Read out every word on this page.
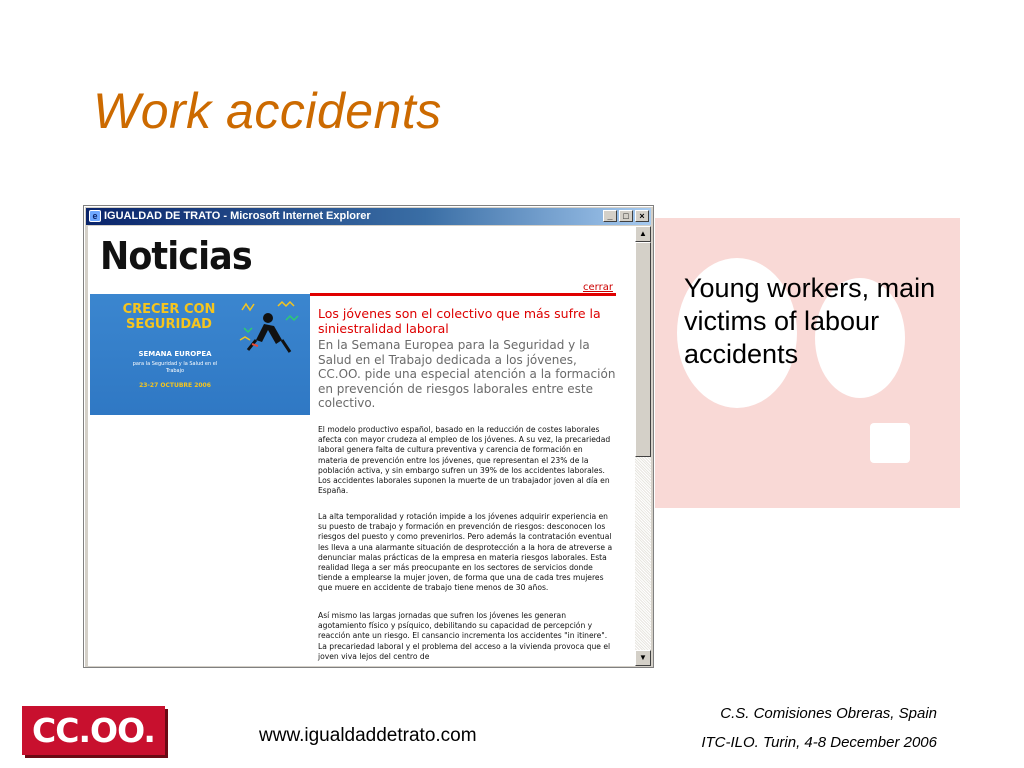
Work accidents
Young workers, main victims of labour accidents
e IGUALDAD DE TRATO - Microsoft Internet Explorer	_	□	×
Noticias
cerrar
CRECER CON SEGURIDAD
SEMANA EUROPEA
para la Seguridad y la Salud en el Trabajo
23-27 OCTUBRE 2006
Los jóvenes son el colectivo que más sufre la siniestralidad laboral
En la Semana Europea para la Seguridad y la Salud en el Trabajo dedicada a los jóvenes, CC.OO. pide una especial atención a la formación en prevención de riesgos laborales entre este colectivo.
El modelo productivo español, basado en la reducción de costes laborales afecta con mayor crudeza al empleo de los jóvenes. A su vez, la precariedad laboral genera falta de cultura preventiva y carencia de formación en materia de prevención entre los jóvenes, que representan el 23% de la población activa, y sin embargo sufren un 39% de los accidentes laborales. Los accidentes laborales suponen la muerte de un trabajador joven al día en España.
La alta temporalidad y rotación impide a los jóvenes adquirir experiencia en su puesto de trabajo y formación en prevención de riesgos: desconocen los riesgos del puesto y como prevenirlos. Pero además la contratación eventual les lleva a una alarmante situación de desprotección a la hora de atreverse a denunciar malas prácticas de la empresa en materia riesgos laborales. Esta realidad llega a ser más preocupante en los sectores de servicios donde tiende a emplearse la mujer joven, de forma que una de cada tres mujeres que muere en accidente de trabajo tiene menos de 30 años.
Así mismo las largas jornadas que sufren los jóvenes les generan agotamiento físico y psíquico, debilitando su capacidad de percepción y reacción ante un riesgo. El cansancio incrementa los accidentes "in itinere". La precariedad laboral y el problema del acceso a la vivienda provoca que el joven viva lejos del centro de
▲
▼
CC.OO.	www.igualdaddetrato.com
C.S. Comisiones Obreras, Spain
ITC-ILO. Turin, 4-8 December 2006
